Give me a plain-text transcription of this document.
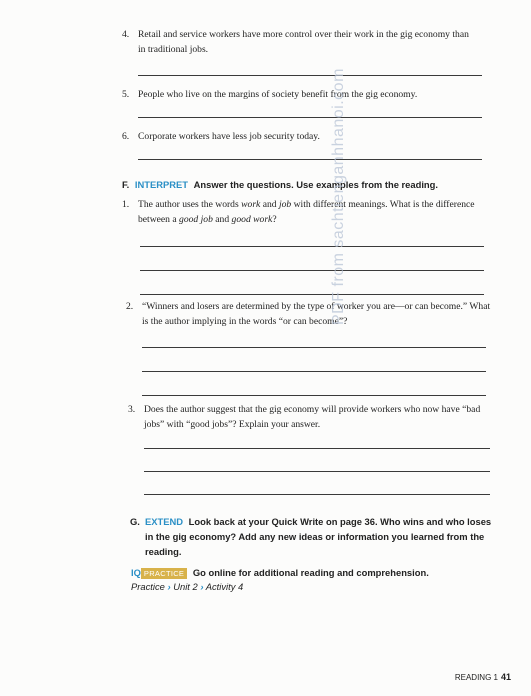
4. Retail and service workers have more control over their work in the gig economy than in traditional jobs.
5. People who live on the margins of society benefit from the gig economy.
6. Corporate workers have less job security today.
F. INTERPRET Answer the questions. Use examples from the reading.
1. The author uses the words work and job with different meanings. What is the difference between a good job and good work?
2. “Winners and losers are determined by the type of worker you are—or can become.” What is the author implying in the words “or can become”?
3. Does the author suggest that the gig economy will provide workers who now have “bad jobs” with “good jobs”? Explain your answer.
G. EXTEND Look back at your Quick Write on page 36. Who wins and who loses in the gig economy? Add any new ideas or information you learned from the reading.
IQ PRACTICE Go online for additional reading and comprehension.
Practice › Unit 2 › Activity 4
PDF from sachtienganhhanoi.com
READING 1 41
